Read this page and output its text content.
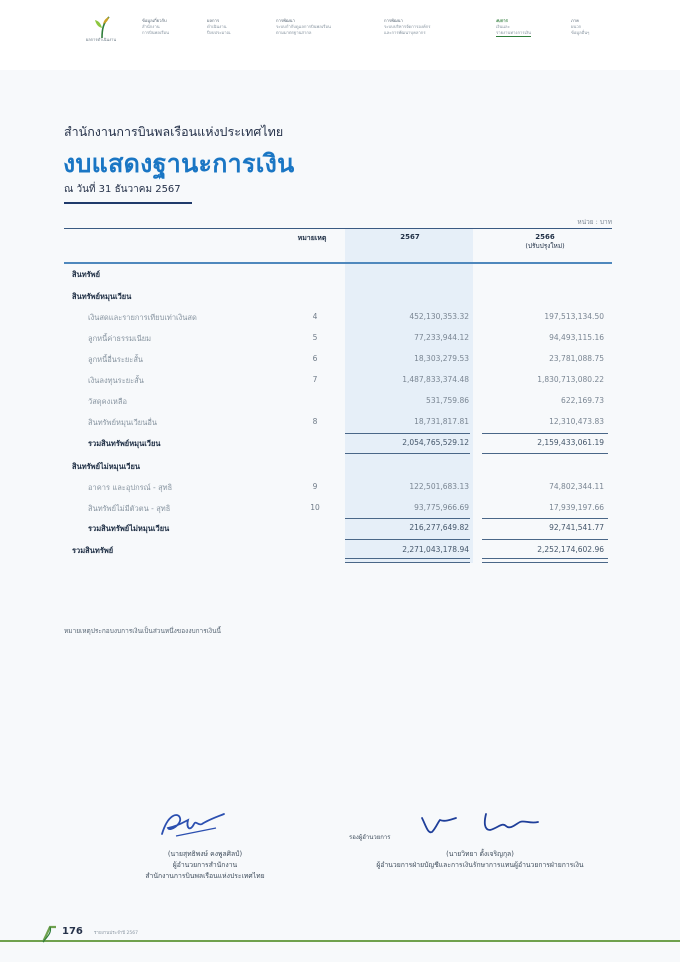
ผลการดำเนินงาน
ข้อมูลเกี่ยวกับ
สำนักงาน
การบินพลเรือน
ผลการ
ดำเนินงาน
ปีงบประมาณ
การพัฒนา
ระบบกำกับดูแลการบินพลเรือน
ตามมาตรฐานสากล
การพัฒนา
ระบบบริหารจัดการองค์กร
และการพัฒนาบุคลากร
งบการ
เงินและ
รายงานทางการเงิน
ภาค
ผนวก
ข้อมูลอื่นๆ
สำนักงานการบินพลเรือนแห่งประเทศไทย
งบแสดงฐานะการเงิน
ณ วันที่ 31 ธันวาคม 2567
หน่วย : บาท
หมายเหตุ	2567	2566
(ปรับปรุงใหม่)
สินทรัพย์
สินทรัพย์หมุนเวียน
เงินสดและรายการเทียบเท่าเงินสด	4	452,130,353.32	197,513,134.50
ลูกหนี้ค่าธรรมเนียม	5	77,233,944.12	94,493,115.16
ลูกหนี้อื่นระยะสั้น	6	18,303,279.53	23,781,088.75
เงินลงทุนระยะสั้น	7	1,487,833,374.48	1,830,713,080.22
วัสดุคงเหลือ	531,759.86	622,169.73
สินทรัพย์หมุนเวียนอื่น	8	18,731,817.81	12,310,473.83
รวมสินทรัพย์หมุนเวียน	2,054,765,529.12	2,159,433,061.19
สินทรัพย์ไม่หมุนเวียน
อาคาร และอุปกรณ์ - สุทธิ	9	122,501,683.13	74,802,344.11
สินทรัพย์ไม่มีตัวตน - สุทธิ	10	93,775,966.69	17,939,197.66
รวมสินทรัพย์ไม่หมุนเวียน	216,277,649.82	92,741,541.77
รวมสินทรัพย์	2,271,043,178.94	2,252,174,602.96
หมายเหตุประกอบงบการเงินเป็นส่วนหนึ่งของงบการเงินนี้
(นายสุทธิพงษ์ คงพูลศิลป์)
ผู้อำนวยการสำนักงาน
สำนักงานการบินพลเรือนแห่งประเทศไทย
รองผู้อำนวยการ
(นายวิทยา ตั้งเจริญกุล)
ผู้อำนวยการฝ่ายบัญชีและการเงินรักษาการแทนผู้อำนวยการฝ่ายการเงิน
176 รายงานประจำปี 2567
